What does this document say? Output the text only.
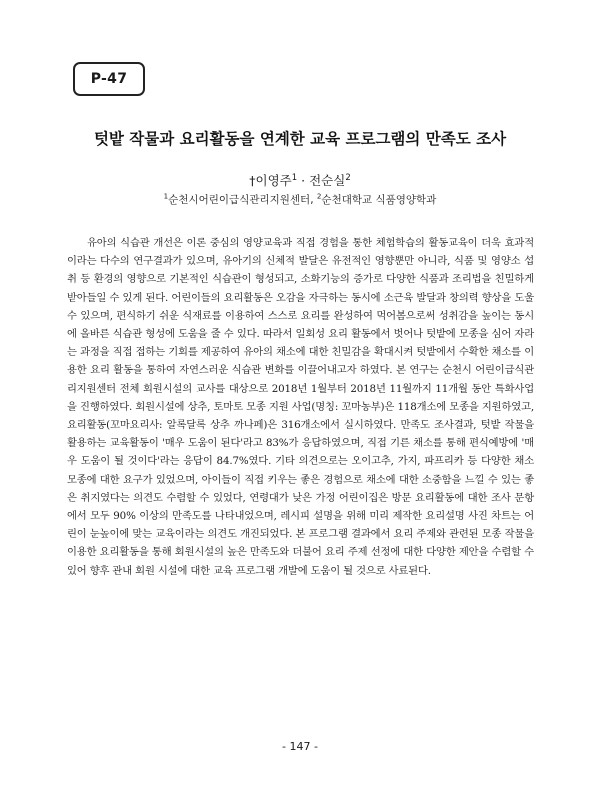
P-47
텃밭 작물과 요리활동을 연계한 교육 프로그램의 만족도 조사
†이영주$^1$ · 전순실$^2$
$^1$순천시어린이급식관리지원센터, $^2$순천대학교 식품영양학과

유아의 식습관 개선은 이론 중심의 영양교육과 직접 경험을 통한 체험학습의 활동교육이 더욱 효과적이라는 다수의 연구결과가 있으며, 유아기의 신체적 발달은 유전적인 영향뿐만 아니라, 식품 및 영양소 섭취 등 환경의 영향으로 기본적인 식습관이 형성되고, 소화기능의 증가로 다양한 식품과 조리법을 친밀하게 받아들일 수 있게 된다. 어린이들의 요리활동은 오감을 자극하는 동시에 소근육 발달과 창의력 향상을 도울 수 있으며, 편식하기 쉬운 식재료를 이용하여 스스로 요리를 완성하여 먹어봄으로써 성취감을 높이는 동시에 올바른 식습관 형성에 도움을 줄 수 있다. 따라서 일회성 요리 활동에서 벗어나 텃밭에 모종을 심어 자라는 과정을 직접 접하는 기회를 제공하여 유아의 채소에 대한 친밀감을 확대시켜 텃밭에서 수확한 채소를 이용한 요리 활동을 통하여 자연스러운 식습관 변화를 이끌어내고자 하였다. 본 연구는 순천시 어린이급식관리지원센터 전체 회원시설의 교사를 대상으로 2018년 1월부터 2018년 11월까지 11개월 동안 특화사업을 진행하였다. 회원시설에 상추, 토마토 모종 지원 사업(명칭: 꼬마농부)은 118개소에 모종을 지원하였고, 요리활동(꼬마요리사: 알록달록 상추 까나페)은 316개소에서 실시하였다. 만족도 조사결과, 텃밭 작물을 활용하는 교육활동이 '매우 도움이 된다'라고 83%가 응답하였으며, 직접 기른 채소를 통해 편식예방에 '매우 도움이 될 것이다'라는 응답이 84.7%였다. 기타 의견으로는 오이고추, 가지, 파프리카 등 다양한 채소 모종에 대한 요구가 있었으며, 아이들이 직접 키우는 좋은 경험으로 채소에 대한 소중함을 느낄 수 있는 좋은 취지였다는 의견도 수렴할 수 있었다, 연령대가 낮은 가정 어린이집은 방문 요리활동에 대한 조사 문항에서 모두 90% 이상의 만족도를 나타내었으며, 레시피 설명을 위해 미리 제작한 요리설명 사진 차트는 어린이 눈높이에 맞는 교육이라는 의견도 개진되었다. 본 프로그램 결과에서 요리 주제와 관련된 모종 작물을 이용한 요리활동을 통해 회원시설의 높은 만족도와 더불어 요리 주제 선정에 대한 다양한 제안을 수렴할 수 있어 향후 관내 회원 시설에 대한 교육 프로그램 개발에 도움이 될 것으로 사료된다.

- 147 -
